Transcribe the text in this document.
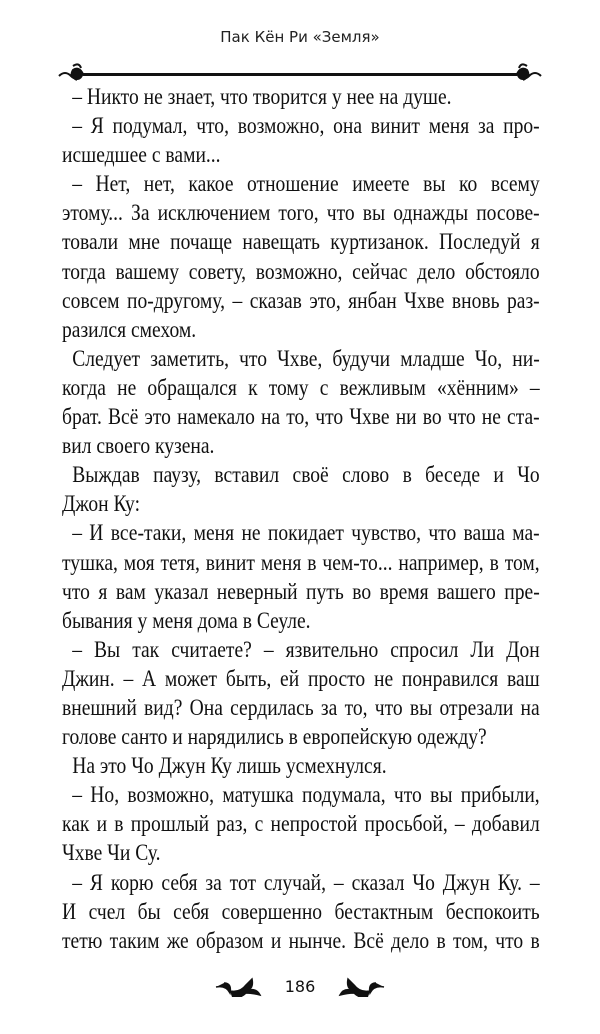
Пак Кён Ри «Земля»
– Никто не знает, что творится у нее на душе.
– Я подумал, что, возможно, она винит меня за про-
исшедшее с вами...
– Нет, нет, какое отношение имеете вы ко всему
этому... За исключением того, что вы однажды посове-
товали мне почаще навещать куртизанок. Последуй я
тогда вашему совету, возможно, сейчас дело обстояло
совсем по-другому, – сказав это, янбан Чхве вновь раз-
разился смехом.
Следует заметить, что Чхве, будучи младше Чо, ни-
когда не обращался к тому с вежливым «хённим» –
брат. Всё это намекало на то, что Чхве ни во что не ста-
вил своего кузена.
Выждав паузу, вставил своё слово в беседе и Чо
Джон Ку:
– И все-таки, меня не покидает чувство, что ваша ма-
тушка, моя тетя, винит меня в чем-то... например, в том,
что я вам указал неверный путь во время вашего пре-
бывания у меня дома в Сеуле.
– Вы так считаете? – язвительно спросил Ли Дон
Джин. – А может быть, ей просто не понравился ваш
внешний вид? Она сердилась за то, что вы отрезали на
голове санто и нарядились в европейскую одежду?
На это Чо Джун Ку лишь усмехнулся.
– Но, возможно, матушка подумала, что вы прибыли,
как и в прошлый раз, с непростой просьбой, – добавил
Чхве Чи Су.
– Я корю себя за тот случай, – сказал Чо Джун Ку. –
И счел бы себя совершенно бестактным беспокоить
тетю таким же образом и нынче. Всё дело в том, что в
186
